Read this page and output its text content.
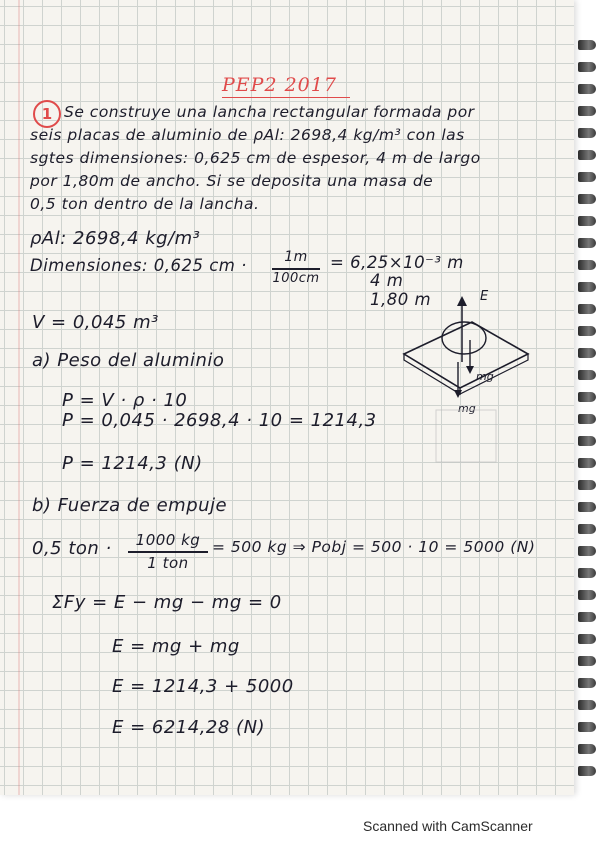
PEP2 2017
1 Se construye una lancha rectangular formada por
seis placas de aluminio de ρAl: 2698,4 kg/m³ con las
sgtes dimensiones: 0,625 cm de espesor, 4 m de largo
por 1,80m de ancho. Si se deposita una masa de
0,5 ton dentro de la lancha.
ρAl: 2698,4 kg/m³
Dimensiones: 0,625 cm ·	1m
100cm
= 6,25×10⁻³ m
4 m
1,80 m
V = 0,045 m³
a) Peso del aluminio
P = V · ρ · 10
P = 0,045 · 2698,4 · 10 = 1214,3
P = 1214,3 (N)
b) Fuerza de empuje
0,5 ton ·	1000 kg
1 ton
= 500 kg ⇒ Pobj = 500 · 10 = 5000 (N)
ΣFy = E − mg − mg = 0
E = mg + mg
E = 1214,3 + 5000
E = 6214,28 (N)
E
mg
mg
Scanned with CamScanner
